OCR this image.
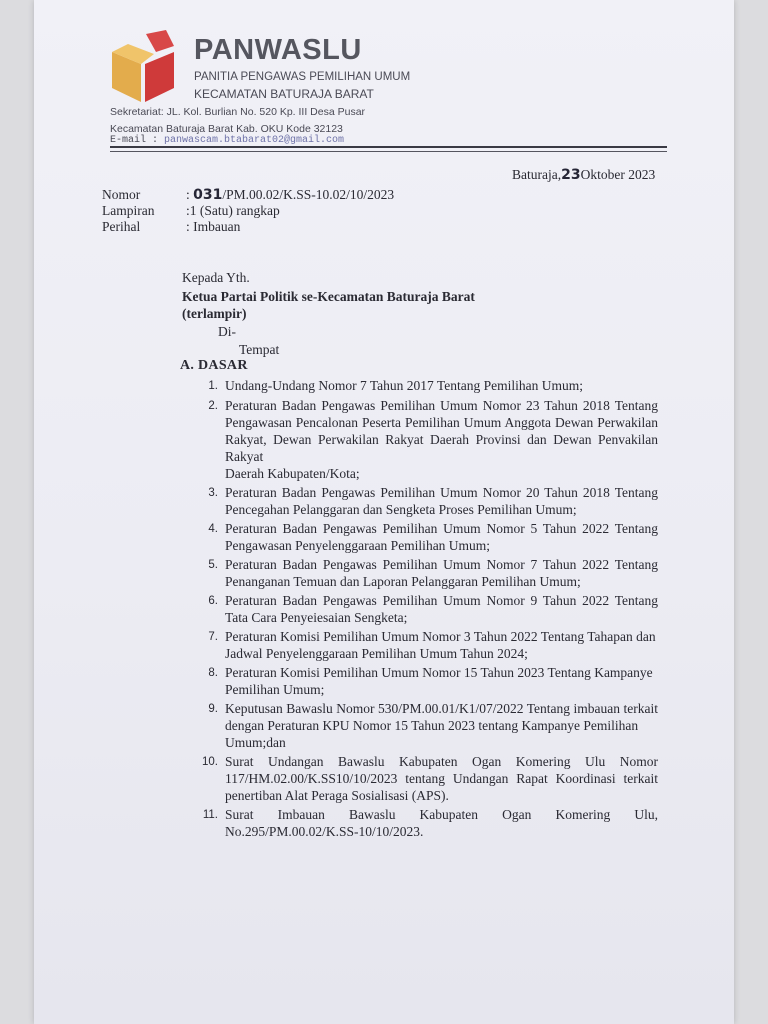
PANWASLU
PANITIA PENGAWAS PEMILIHAN UMUM
KECAMATAN BATURAJA BARAT
Sekretariat: JL. Kol. Burlian No. 520 Kp. III Desa Pusar
Kecamatan Baturaja Barat Kab. OKU Kode 32123
E-mail : panwascam.btabarat02@gmail.com
Baturaja,23Oktober 2023
Nomor	: 031/PM.00.02/K.SS-10.02/10/2023
Lampiran :1 (Satu) rangkap
Perihal	: Imbauan
Kepada Yth.
Ketua Partai Politik se-Kecamatan Baturaja Barat
(terlampir)
Di-
Tempat
A. DASAR
1. Undang-Undang Nomor 7 Tahun 2017 Tentang Pemilihan Umum;
2. Peraturan Badan Pengawas Pemilihan Umum Nomor 23 Tahun 2018 Tentang Pengawasan Pencalonan Peserta Pemilihan Umum Anggota Dewan Perwakilan Rakyat, Dewan Perwakilan Rakyat Daerah Provinsi dan Dewan Penvakilan Rakyat
Daerah Kabupaten/Kota;
3. Peraturan Badan Pengawas Pemilihan Umum Nomor 20 Tahun 2018 Tentang Pencegahan Pelanggaran dan Sengketa Proses Pemilihan Umum;
4. Peraturan Badan Pengawas Pemilihan Umum Nomor 5 Tahun 2022 Tentang Pengawasan Penyelenggaraan Pemilihan Umum;
5. Peraturan Badan Pengawas Pemilihan Umum Nomor 7 Tahun 2022 Tentang Penanganan Temuan dan Laporan Pelanggaran Pemilihan Umum;
6. Peraturan Badan Pengawas Pemilihan Umum Nomor 9 Tahun 2022 Tentang Tata Cara Penyeiesaian Sengketa;
7. Peraturan Komisi Pemilihan Umum Nomor 3 Tahun 2022 Tentang Tahapan dan
Jadwal Penyelenggaraan Pemilihan Umum Tahun 2024;
8. Peraturan Komisi Pemilihan Umum Nomor 15 Tahun 2023 Tentang Kampanye
Pemilihan Umum;
9. Keputusan Bawaslu Nomor 530/PM.00.01/K1/07/2022 Tentang imbauan terkait dengan Peraturan KPU Nomor 15 Tahun 2023 tentang Kampanye Pemilihan
Umum;dan
10. Surat Undangan Bawaslu Kabupaten Ogan Komering Ulu Nomor 117/HM.02.00/K.SS10/10/2023 tentang Undangan Rapat Koordinasi terkait penertiban Alat Peraga Sosialisasi (APS).
11. Surat Imbauan Bawaslu Kabupaten Ogan Komering Ulu, No.295/PM.00.02/K.SS-10/10/2023.
